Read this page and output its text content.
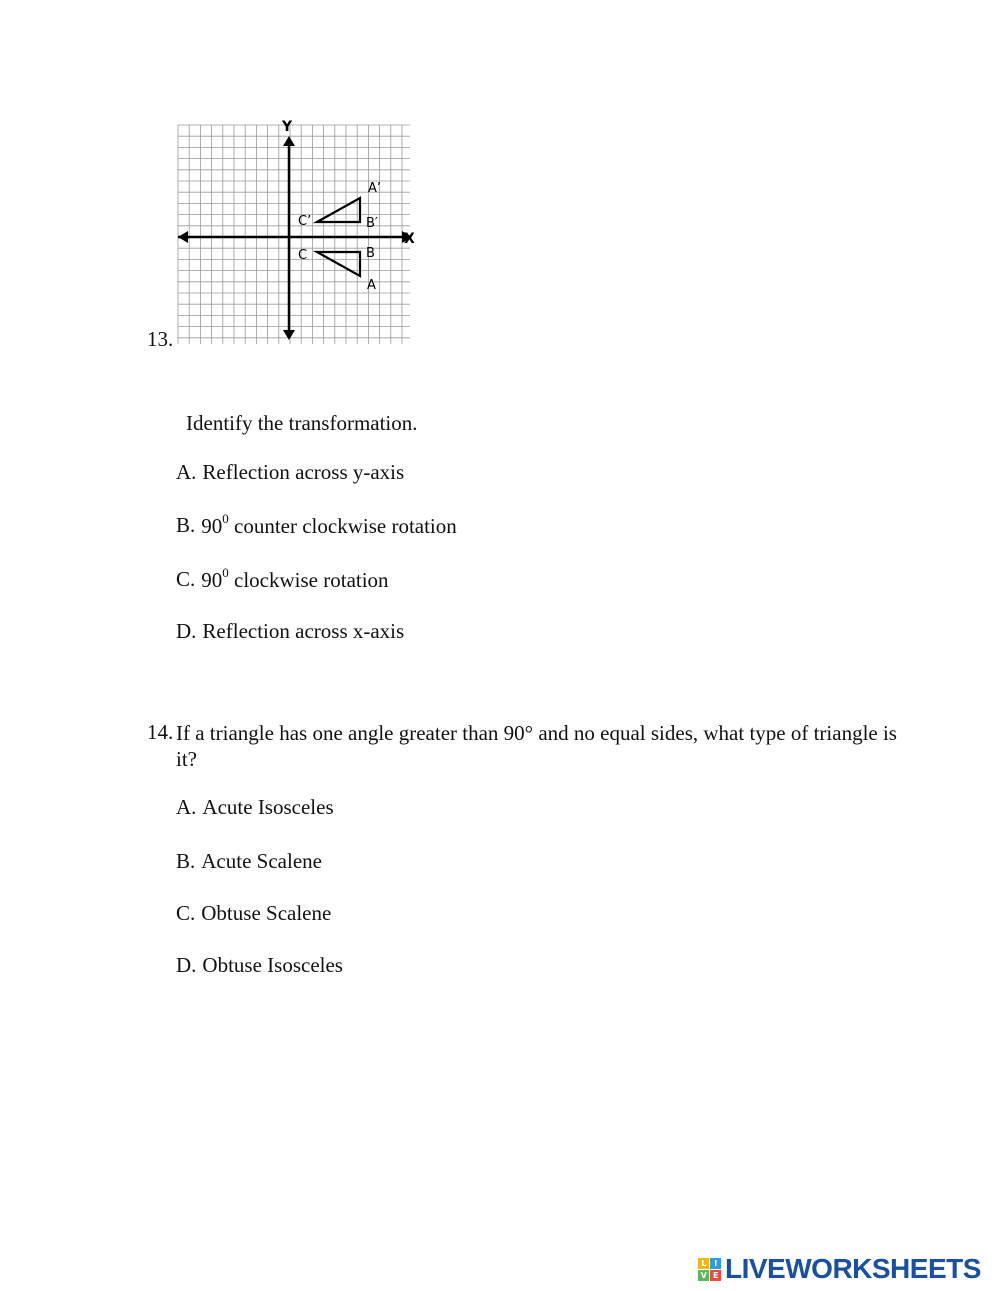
13.
X
Y
A’
B′
C’
C	B
A
Identify the transformation.
A. Reflection across y-axis
B. $90^0$ counter clockwise rotation
C. $90^0$ clockwise rotation
D. Reflection across x-axis
14. If a triangle has one angle greater than 90° and no equal sides, what type of triangle is it?
A. Acute Isosceles
B. Acute Scalene
C. Obtuse Scalene
D. Obtuse Isosceles
L	I
V E LIVEWORKSHEETS
